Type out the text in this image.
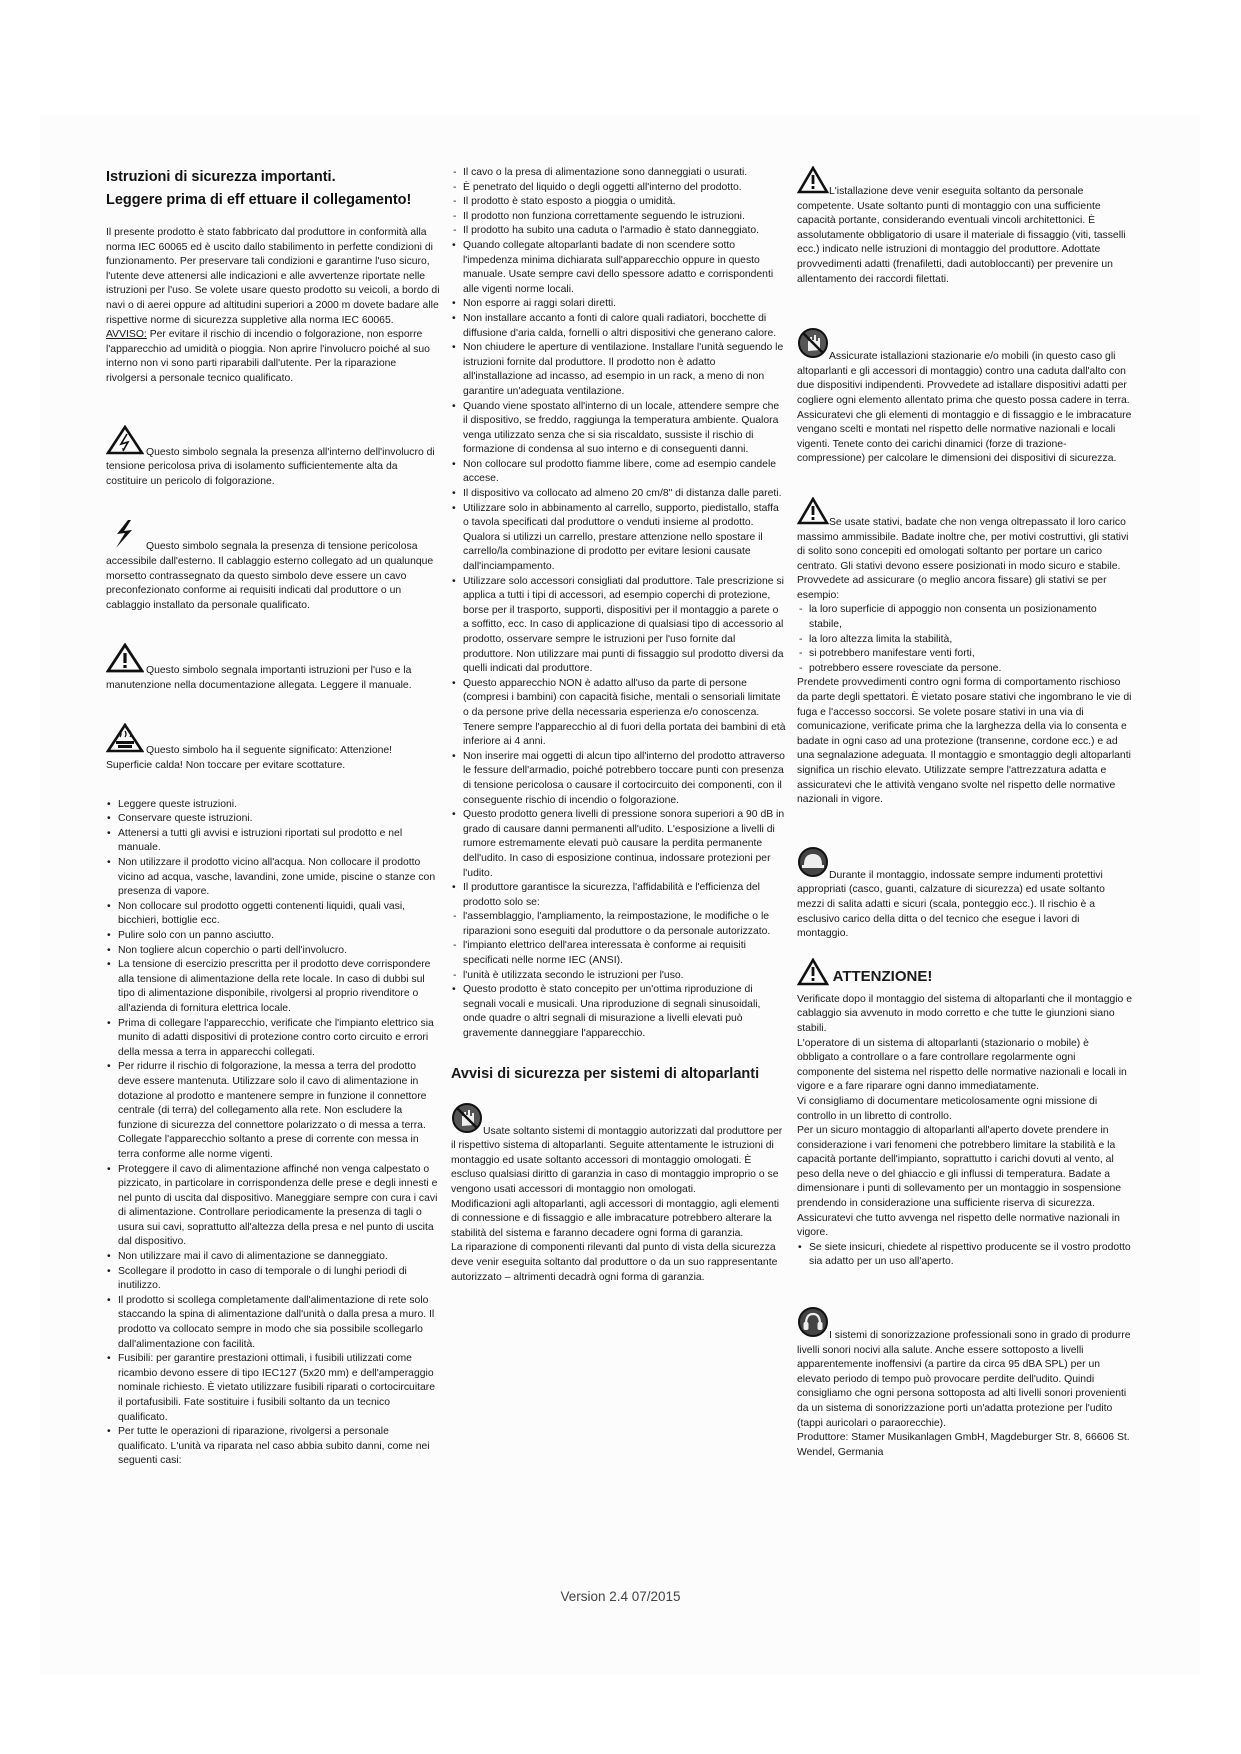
Istruzioni di sicurezza importanti.
Leggere prima di eff ettuare il collegamento!

Il presente prodotto è stato fabbricato dal produttore in conformità alla norma IEC 60065 ed è uscito dallo stabilimento in perfette condizioni di funzionamento. Per preservare tali condizioni e garantirne l'uso sicuro, l'utente deve attenersi alle indicazioni e alle avvertenze riportate nelle istruzioni per l'uso. Se volete usare questo prodotto su veicoli, a bordo di navi o di aerei oppure ad altitudini superiori a 2000 m dovete badare alle rispettive norme di sicurezza suppletive alla norma IEC 60065.

AVVISO: Per evitare il rischio di incendio o folgorazione, non esporre l'apparecchio ad umidità o pioggia. Non aprire l'involucro poiché al suo interno non vi sono parti riparabili dall'utente. Per la riparazione rivolgersi a personale tecnico qualificato.

Questo simbolo segnala la presenza all'interno dell'involucro di tensione pericolosa priva di isolamento sufficientemente alta da costituire un pericolo di folgorazione.
Questo simbolo segnala la presenza di tensione pericolosa accessibile dall'esterno. Il cablaggio esterno collegato ad un qualunque morsetto contrassegnato da questo simbolo deve essere un cavo preconfezionato conforme ai requisiti indicati dal produttore o un cablaggio installato da personale qualificato.
Questo simbolo segnala importanti istruzioni per l'uso e la manutenzione nella documentazione allegata. Leggere il manuale.
Questo simbolo ha il seguente significato: Attenzione! Superficie calda! Non toccare per evitare scottature.
• Leggere queste istruzioni.
• Conservare queste istruzioni.
• Attenersi a tutti gli avvisi e istruzioni riportati sul prodotto e nel manuale.
• Non utilizzare il prodotto vicino all'acqua. Non collocare il prodotto vicino ad acqua, vasche, lavandini, zone umide, piscine o stanze con presenza di vapore.
• Non collocare sul prodotto oggetti contenenti liquidi, quali vasi, bicchieri, bottiglie ecc.
• Pulire solo con un panno asciutto.
• Non togliere alcun coperchio o parti dell'involucro.
• La tensione di esercizio prescritta per il prodotto deve corrispondere alla tensione di alimentazione della rete locale. In caso di dubbi sul tipo di alimentazione disponibile, rivolgersi al proprio rivenditore o all'azienda di fornitura elettrica locale.
• Prima di collegare l'apparecchio, verificate che l'impianto elettrico sia munito di adatti dispositivi di protezione contro corto circuito e errori della messa a terra in apparecchi collegati.
• Per ridurre il rischio di folgorazione, la messa a terra del prodotto deve essere mantenuta. Utilizzare solo il cavo di alimentazione in dotazione al prodotto e mantenere sempre in funzione il connettore centrale (di terra) del collegamento alla rete. Non escludere la funzione di sicurezza del connettore polarizzato o di messa a terra. Collegate l'apparecchio soltanto a prese di corrente con messa in terra conforme alle norme vigenti.
• Proteggere il cavo di alimentazione affinché non venga calpestato o pizzicato, in particolare in corrispondenza delle prese e degli innesti e nel punto di uscita dal dispositivo. Maneggiare sempre con cura i cavi di alimentazione. Controllare periodicamente la presenza di tagli o usura sui cavi, soprattutto all'altezza della presa e nel punto di uscita dal dispositivo.
• Non utilizzare mai il cavo di alimentazione se danneggiato.
• Scollegare il prodotto in caso di temporale o di lunghi periodi di inutilizzo.
• Il prodotto si scollega completamente dall'alimentazione di rete solo staccando la spina di alimentazione dall'unità o dalla presa a muro. Il prodotto va collocato sempre in modo che sia possibile scollegarlo dall'alimentazione con facilità.
• Fusibili: per garantire prestazioni ottimali, i fusibili utilizzati come ricambio devono essere di tipo IEC127 (5x20 mm) e dell'amperaggio nominale richiesto. È vietato utilizzare fusibili riparati o cortocircuitare il portafusibili. Fate sostituire i fusibili soltanto da un tecnico qualificato.
• Per tutte le operazioni di riparazione, rivolgersi a personale qualificato. L'unità va riparata nel caso abbia subito danni, come nei seguenti casi:
- Il cavo o la presa di alimentazione sono danneggiati o usurati.
- È penetrato del liquido o degli oggetti all'interno del prodotto.
- Il prodotto è stato esposto a pioggia o umidità.
- Il prodotto non funziona correttamente seguendo le istruzioni.
- Il prodotto ha subito una caduta o l'armadio è stato danneggiato.
• Quando collegate altoparlanti badate di non scendere sotto l'impedenza minima dichiarata sull'apparecchio oppure in questo manuale. Usate sempre cavi dello spessore adatto e corrispondenti alle vigenti norme locali.
• Non esporre ai raggi solari diretti.
• Non installare accanto a fonti di calore quali radiatori, bocchette di diffusione d'aria calda, fornelli o altri dispositivi che generano calore.
• Non chiudere le aperture di ventilazione. Installare l'unità seguendo le istruzioni fornite dal produttore. Il prodotto non è adatto all'installazione ad incasso, ad esempio in un rack, a meno di non garantire un'adeguata ventilazione.
• Quando viene spostato all'interno di un locale, attendere sempre che il dispositivo, se freddo, raggiunga la temperatura ambiente. Qualora venga utilizzato senza che si sia riscaldato, sussiste il rischio di formazione di condensa al suo interno e di conseguenti danni.
• Non collocare sul prodotto fiamme libere, come ad esempio candele accese.
• Il dispositivo va collocato ad almeno 20 cm/8" di distanza dalle pareti.
• Utilizzare solo in abbinamento al carrello, supporto, piedistallo, staffa o tavola specificati dal produttore o venduti insieme al prodotto. Qualora si utilizzi un carrello, prestare attenzione nello spostare il carrello/la combinazione di prodotto per evitare lesioni causate dall'inciampamento.
• Utilizzare solo accessori consigliati dal produttore. Tale prescrizione si applica a tutti i tipi di accessori, ad esempio coperchi di protezione, borse per il trasporto, supporti, dispositivi per il montaggio a parete o a soffitto, ecc. In caso di applicazione di qualsiasi tipo di accessorio al prodotto, osservare sempre le istruzioni per l'uso fornite dal produttore. Non utilizzare mai punti di fissaggio sul prodotto diversi da quelli indicati dal produttore.
• Questo apparecchio NON è adatto all'uso da parte di persone (compresi i bambini) con capacità fisiche, mentali o sensoriali limitate o da persone prive della necessaria esperienza e/o conoscenza. Tenere sempre l'apparecchio al di fuori della portata dei bambini di età inferiore ai 4 anni.
• Non inserire mai oggetti di alcun tipo all'interno del prodotto attraverso le fessure dell'armadio, poiché potrebbero toccare punti con presenza di tensione pericolosa o causare il cortocircuito dei componenti, con il conseguente rischio di incendio o folgorazione.
• Questo prodotto genera livelli di pressione sonora superiori a 90 dB in grado di causare danni permanenti all'udito. L'esposizione a livelli di rumore estremamente elevati può causare la perdita permanente dell'udito. In caso di esposizione continua, indossare protezioni per l'udito.
• Il produttore garantisce la sicurezza, l'affidabilità e l'efficienza del prodotto solo se:
- l'assemblaggio, l'ampliamento, la reimpostazione, le modifiche o le riparazioni sono eseguiti dal produttore o da personale autorizzato.
- l'impianto elettrico dell'area interessata è conforme ai requisiti specificati nelle norme IEC (ANSI).
- l'unità è utilizzata secondo le istruzioni per l'uso.
• Questo prodotto è stato concepito per un'ottima riproduzione di segnali vocali e musicali. Una riproduzione di segnali sinusoidali, onde quadre o altri segnali di misurazione a livelli elevati può gravemente danneggiare l'apparecchio.
Avvisi di sicurezza per sistemi di altoparlanti

Usate soltanto sistemi di montaggio autorizzati dal produttore per il rispettivo sistema di altoparlanti. Seguite attentamente le istruzioni di montaggio ed usate soltanto accessori di montaggio omologati. È escluso qualsiasi diritto di garanzia in caso di montaggio improprio o se vengono usati accessori di montaggio non omologati.

Modificazioni agli altoparlanti, agli accessori di montaggio, agli elementi di connessione e di fissaggio e alle imbracature potrebbero alterare la stabilità del sistema e faranno decadere ogni forma di garanzia.

La riparazione di componenti rilevanti dal punto di vista della sicurezza deve venir eseguita soltanto dal produttore o da un suo rappresentante autorizzato – altrimenti decadrà ogni forma di garanzia.

L'istallazione deve venir eseguita soltanto da personale competente. Usate soltanto punti di montaggio con una sufficiente capacità portante, considerando eventuali vincoli architettonici. È assolutamente obbligatorio di usare il materiale di fissaggio (viti, tasselli ecc.) indicato nelle istruzioni di montaggio del produttore. Adottate provvedimenti adatti (frenafiletti, dadi autobloccanti) per prevenire un allentamento dei raccordi filettati.
Assicurate istallazioni stazionarie e/o mobili (in questo caso gli altoparlanti e gli accessori di montaggio) contro una caduta dall'alto con due dispositivi indipendenti. Provvedete ad istallare dispositivi adatti per cogliere ogni elemento allentato prima che questo possa cadere in terra. Assicuratevi che gli elementi di montaggio e di fissaggio e le imbracature vengano scelti e montati nel rispetto delle normative nazionali e locali vigenti. Tenete conto dei carichi dinamici (forze di trazione-compressione) per calcolare le dimensioni dei dispositivi di sicurezza.
Se usate stativi, badate che non venga oltrepassato il loro carico massimo ammissibile. Badate inoltre che, per motivi costruttivi, gli stativi di solito sono concepiti ed omologati soltanto per portare un carico centrato. Gli stativi devono essere posizionati in modo sicuro e stabile. Provvedete ad assicurare (o meglio ancora fissare) gli stativi se per esempio:
- la loro superficie di appoggio non consenta un posizionamento stabile,
- la loro altezza limita la stabilità,
- si potrebbero manifestare venti forti,
- potrebbero essere rovesciate da persone.

Prendete provvedimenti contro ogni forma di comportamento rischioso da parte degli spettatori. È vietato posare stativi che ingombrano le vie di fuga e l'accesso soccorsi. Se volete posare stativi in una via di comunicazione, verificate prima che la larghezza della via lo consenta e badate in ogni caso ad una protezione (transenne, cordone ecc.) e ad una segnalazione adeguata. Il montaggio e smontaggio degli altoparlanti significa un rischio elevato. Utilizzate sempre l'attrezzatura adatta e assicuratevi che le attività vengano svolte nel rispetto delle normative nazionali in vigore.

Durante il montaggio, indossate sempre indumenti protettivi appropriati (casco, guanti, calzature di sicurezza) ed usate soltanto mezzi di salita adatti e sicuri (scala, ponteggio ecc.). Il rischio è a esclusivo carico della ditta o del tecnico che esegue i lavori di montaggio.
ATTENZIONE!

Verificate dopo il montaggio del sistema di altoparlanti che il montaggio e cablaggio sia avvenuto in modo corretto e che tutte le giunzioni siano stabili.

L'operatore di un sistema di altoparlanti (stazionario o mobile) è obbligato a controllare o a fare controllare regolarmente ogni componente del sistema nel rispetto delle normative nazionali e locali in vigore e a fare riparare ogni danno immediatamente.

Vi consigliamo di documentare meticolosamente ogni missione di controllo in un libretto di controllo.

Per un sicuro montaggio di altoparlanti all'aperto dovete prendere in considerazione i vari fenomeni che potrebbero limitare la stabilità e la capacità portante dell'impianto, soprattutto i carichi dovuti al vento, al peso della neve o del ghiaccio e gli influssi di temperatura. Badate a dimensionare i punti di sollevamento per un montaggio in sospensione prendendo in considerazione una sufficiente riserva di sicurezza. Assicuratevi che tutto avvenga nel rispetto delle normative nazionali in vigore.

• Se siete insicuri, chiedete al rispettivo producente se il vostro prodotto sia adatto per un uso all'aperto.
I sistemi di sonorizzazione professionali sono in grado di produrre livelli sonori nocivi alla salute. Anche essere sottoposto a livelli apparentemente inoffensivi (a partire da circa 95 dBA SPL) per un elevato periodo di tempo può provocare perdite dell'udito. Quindi consigliamo che ogni persona sottoposta ad alti livelli sonori provenienti da un sistema di sonorizzazione porti un'adatta protezione per l'udito (tappi auricolari o paraorecchie).

Produttore: Stamer Musikanlagen GmbH, Magdeburger Str. 8, 66606 St. Wendel, Germania

Version 2.4 07/2015
